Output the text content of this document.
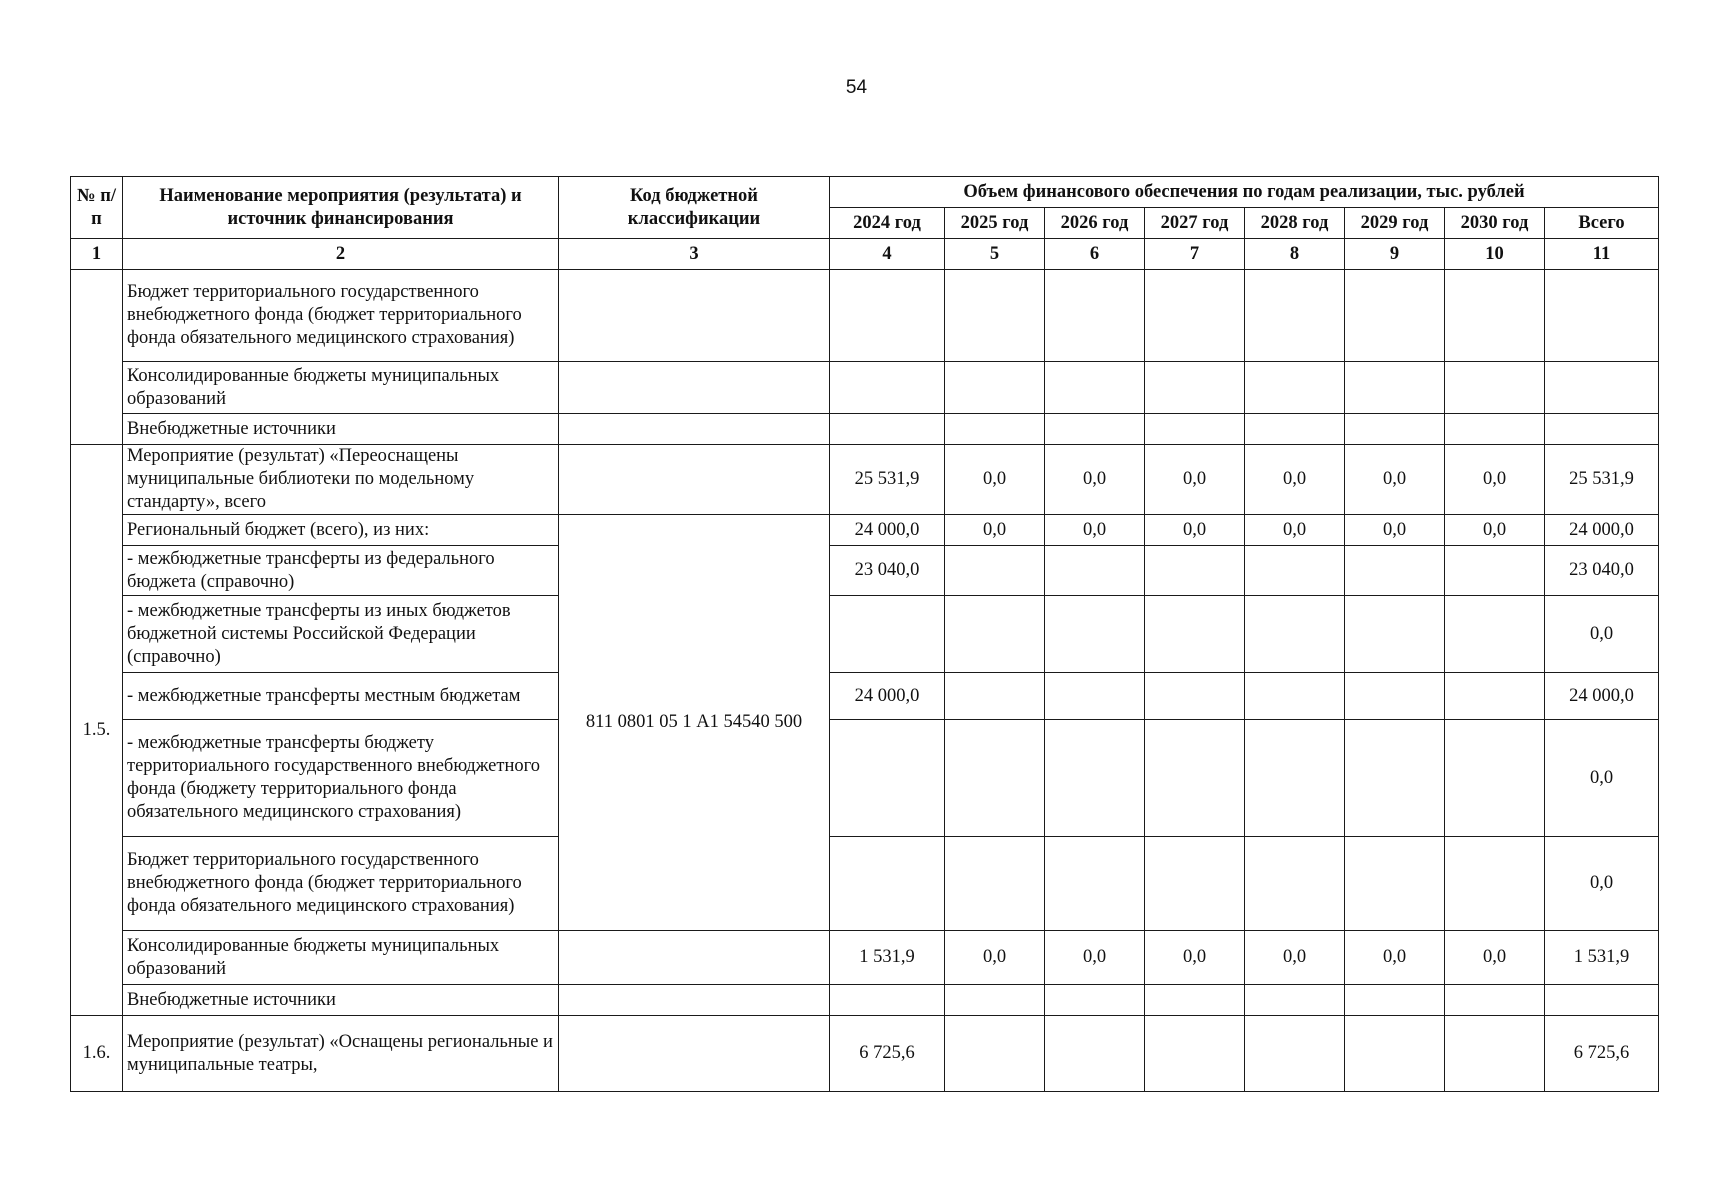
54
№ п/п	Наименование мероприятия (результата) и источник финансирования	Код бюджетной классификации	Объем финансового обеспечения по годам реализации, тыс. рублей							
			2024 год	2025 год	2026 год	2027 год	2028 год	2029 год	2030 год	Всего
1	2	3	4	5	6	7	8	9	10	11
	Бюджет территориального государственного внебюджетного фонда (бюджет территориального фонда обязательного медицинского страхования)									
	Консолидированные бюджеты муниципальных образований									
	Внебюджетные источники									
1.5.	Мероприятие (результат) «Переоснащены муниципальные библиотеки по модельному стандарту», всего		25 531,9	0,0	0,0	0,0	0,0	0,0	0,0	25 531,9
	Региональный бюджет (всего), из них:	811 0801 05 1 А1 54540 500	24 000,0	0,0	0,0	0,0	0,0	0,0	0,0	24 000,0
	- межбюджетные трансферты из федерального бюджета (справочно)		23 040,0							23 040,0
	- межбюджетные трансферты из иных бюджетов бюджетной системы Российской Федерации (справочно)									0,0
	- межбюджетные трансферты местным бюджетам		24 000,0							24 000,0
	- межбюджетные трансферты бюджету территориального государственного внебюджетного фонда (бюджету территориального фонда обязательного медицинского страхования)									0,0
	Бюджет территориального государственного внебюджетного фонда (бюджет территориального фонда обязательного медицинского страхования)									0,0
	Консолидированные бюджеты муниципальных образований		1 531,9	0,0	0,0	0,0	0,0	0,0	0,0	1 531,9
	Внебюджетные источники									
1.6.	Мероприятие (результат) «Оснащены региональные и муниципальные театры,		6 725,6							6 725,6
